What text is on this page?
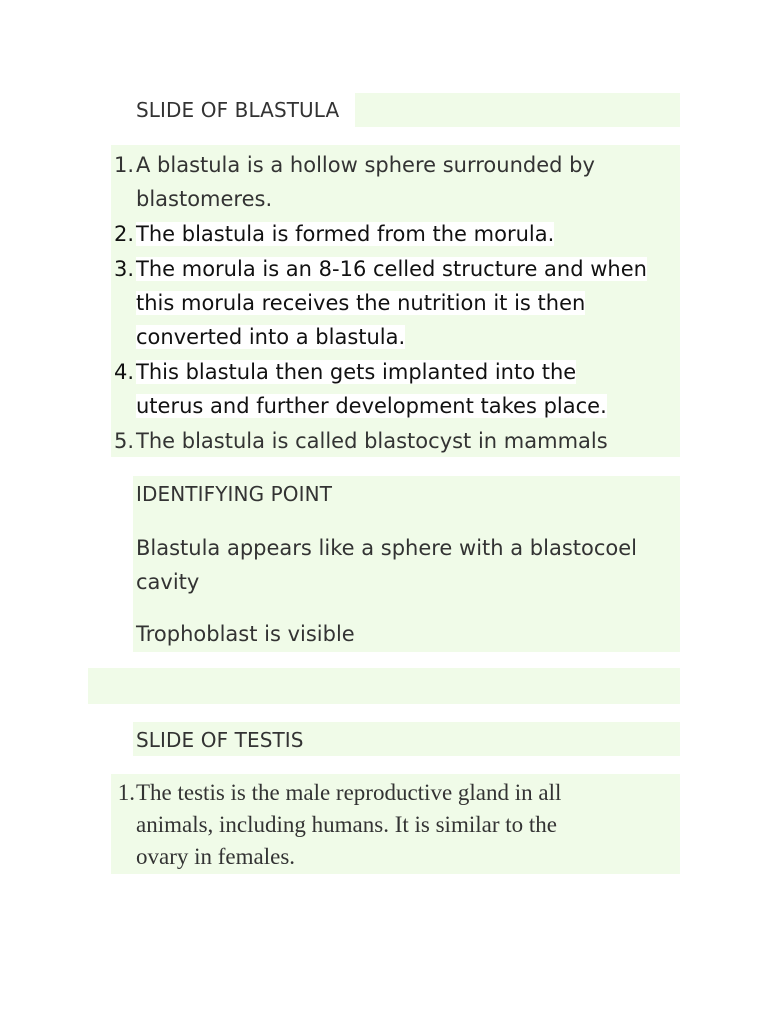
SLIDE OF BLASTULA
1. A blastula is a hollow sphere surrounded by
blastomeres.
2. The blastula is formed from the morula.
3. The morula is an 8-16 celled structure and when
this morula receives the nutrition it is then
converted into a blastula.
4. This blastula then gets implanted into the
uterus and further development takes place.
5. The blastula is called blastocyst in mammals
IDENTIFYING POINT
Blastula appears like a sphere with a blastocoel
cavity
Trophoblast is visible
SLIDE OF TESTIS
1. The testis is the male reproductive gland in all
animals, including humans. It is similar to the
ovary in females.
